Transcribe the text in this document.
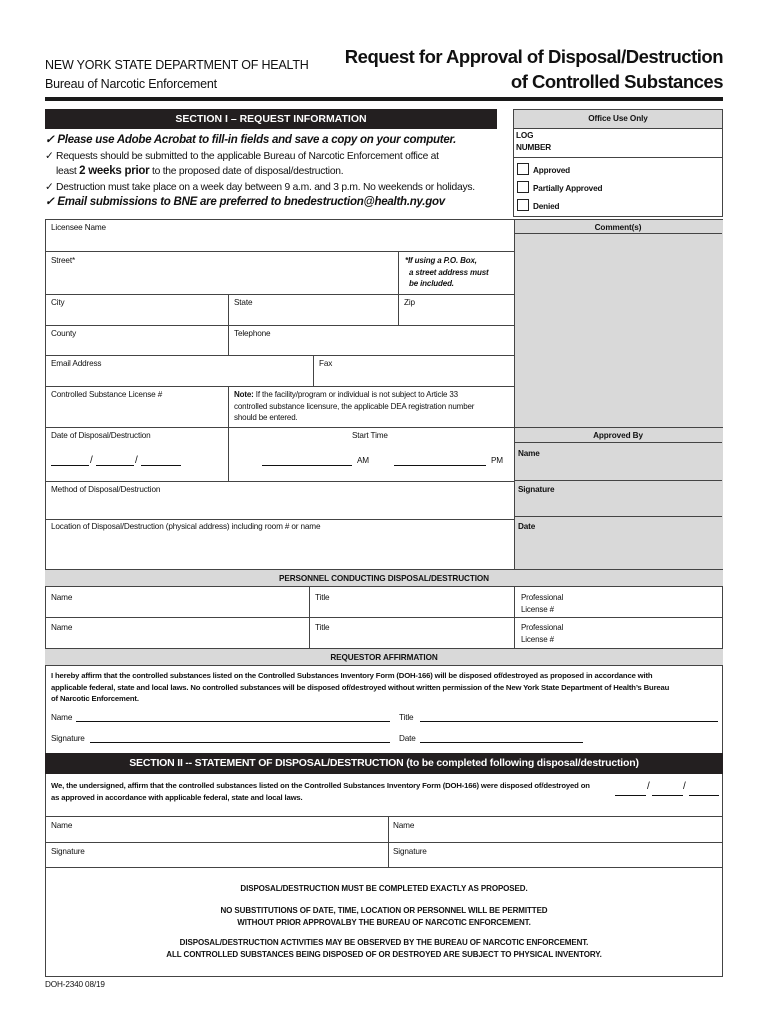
NEW YORK STATE DEPARTMENT OF HEALTH
Bureau of Narcotic Enforcement
Request for Approval of Disposal/Destruction
of Controlled Substances
SECTION I – REQUEST INFORMATION
✓ Please use Adobe Acrobat to fill-in fields and save a copy on your computer.
✓ Requests should be submitted to the applicable Bureau of Narcotic Enforcement office at
least 2 weeks prior to the proposed date of disposal/destruction.
✓ Destruction must take place on a week day between 9 a.m. and 3 p.m. No weekends or holidays.
✓ Email submissions to BNE are preferred to bnedestruction@health.ny.gov
Office Use Only
LOG
NUMBER
Approved
Partially Approved
Denied
Comment(s)
Licensee Name
Street*	*If using a P.O. Box,
a street address must
be included.
City	State	Zip
County	Telephone
Email Address	Fax
Controlled Substance License #	Note: If the facility/program or individual is not subject to Article 33
controlled substance licensure, the applicable DEA registration number
should be entered.
Date of Disposal/Destruction	Start Time
/	/	AM	PM
Approved By
Name
Signature
Date
Method of Disposal/Destruction
Location of Disposal/Destruction (physical address) including room # or name
PERSONNEL CONDUCTING DISPOSAL/DESTRUCTION
Name	Title	Professional
License #
Name	Title	Professional
License #
REQUESTOR AFFIRMATION
I hereby affirm that the controlled substances listed on the Controlled Substances Inventory Form (DOH-166) will be disposed of/destroyed as proposed in accordance with
applicable federal, state and local laws. No controlled substances will be disposed of/destroyed without written permission of the New York State Department of Health’s Bureau
of Narcotic Enforcement.
Name	Title
Signature	Date
SECTION II -- STATEMENT OF DISPOSAL/DESTRUCTION (to be completed following disposal/destruction)
We, the undersigned, affirm that the controlled substances listed on the Controlled Substances Inventory Form (DOH-166) were disposed of/destroyed on
as approved in accordance with applicable federal, state and local laws.
/	/
Name	Name
Signature	Signature
DISPOSAL/DESTRUCTION MUST BE COMPLETED EXACTLY AS PROPOSED.
NO SUBSTITUTIONS OF DATE, TIME, LOCATION OR PERSONNEL WILL BE PERMITTED
WITHOUT PRIOR APPROVALBY THE BUREAU OF NARCOTIC ENFORCEMENT.
DISPOSAL/DESTRUCTION ACTIVITIES MAY BE OBSERVED BY THE BUREAU OF NARCOTIC ENFORCEMENT.
ALL CONTROLLED SUBSTANCES BEING DISPOSED OF OR DESTROYED ARE SUBJECT TO PHYSICAL INVENTORY.
DOH-2340 08/19
